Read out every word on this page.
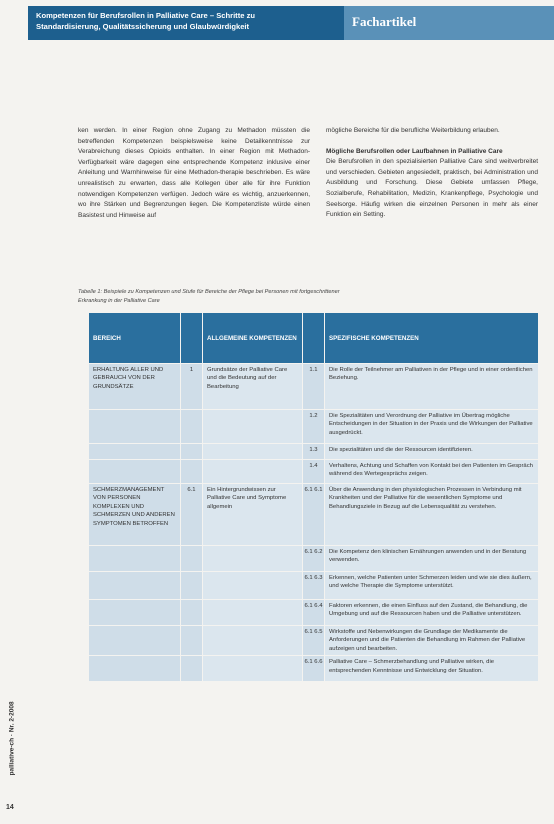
Kompetenzen für Berufsrollen in Palliative Care – Schritte zu
Standardisierung, Qualitätssicherung und Glaubwürdigkeit	Fachartikel

ken werden. In einer Region ohne Zugang zu Methadon müssten die betreffenden Kompetenzen beispielsweise keine Detailkenntnisse zur Verabreichung dieses Opioids enthalten. In einer Region mit Methadon-Verfügbarkeit wäre dagegen eine entsprechende Kompetenz inklusive einer Anleitung und Warnhinweise für eine Methadon-therapie beschrieben. Es wäre unrealistisch zu erwarten, dass alle Kollegen über alle für ihre Funktion notwendigen Kompetenzen verfügen. Jedoch wäre es wichtig, anzuerkennen, wo ihre Stärken und Begrenzungen liegen. Die Kompetenzliste würde einen Basistest und Hinweise auf

mögliche Bereiche für die berufliche Weiterbildung erlauben.

Mögliche Berufsrollen oder Laufbahnen in Palliative Care

Die Berufsrollen in den spezialisierten Palliative Care sind weitverbreitet und verschieden. Gebieten angesiedelt, praktisch, bei Administration und Ausbildung und Forschung. Diese Gebiete umfassen Pflege, Sozialberufe, Rehabilitation, Medizin, Krankenpflege, Psychologie und Seelsorge. Häufig wirken die einzelnen Personen in mehr als einer Funktion ein Setting.

Tabelle 1: Beispiele zu Kompetenzen und Stufe für Bereiche der Pflege bei Personen mit fortgeschrittener Erkrankung in der Palliative Care
BEREICH		ALLGEMEINE KOMPETENZEN		SPEZIFISCHE KOMPETENZEN
ERHALTUNG ALLER UND GEBRAUCH VON DER GRUNDSÄTZE	1	Grundsätze der Palliative Care und die Bedeutung auf der Bearbeitung	1.1	Die Rolle der Teilnehmer am Palliativen in der Pflege und in einer ordentlichen Beziehung.
			1.2	Die Spezialitäten und Verordnung der Palliative im Übertrag mögliche Entscheidungen in der Situation in der Praxis und die Wirkungen der Palliative ausgedrückt.
			1.3	Die spezialitäten und die der Ressourcen identifizieren.
			1.4	Verhaltens, Achtung und Schaffen von Kontakt bei den Patienten im Gespräch während des Wertegesprächs zeigen.
SCHMERZMANAGEMENT VON PERSONEN KOMPLEXEN UND SCHMERZEN UND ANDEREN SYMPTOMEN BETROFFEN	6.1	Ein Hintergrundwissen zur Palliative Care und Symptome allgemein	6.1 6.1	Über die Anwendung in den physiologischen Prozessen in Verbindung mit Krankheiten und der Palliative für die wesentlichen Symptome und Behandlungsziele in Bezug auf die Lebensqualität zu verstehen.
			6.1 6.2	Die Kompetenz den klinischen Ernährungen anwenden und in der Beratung verwenden.
			6.1 6.3	Erkennen, welche Patienten unter Schmerzen leiden und wie sie dies äußern, und welche Therapie die Symptome unterstützt.
			6.1 6.4	Faktoren erkennen, die einen Einfluss auf den Zustand, die Behandlung, die Umgebung und auf die Ressourcen haben und die Palliative unterstützen.
			6.1 6.5	Wirkstoffe und Nebenwirkungen die Grundlage der Medikamente die Anforderungen und die Patienten die Behandlung im Rahmen der Palliative aufzeigen und bearbeiten.
			6.1 6.6	Palliative Care – Schmerzbehandlung und Palliative wirken, die entsprechenden Kenntnisse und Entwicklung der Situation.
palliative-ch · Nr. 2-2008
14
